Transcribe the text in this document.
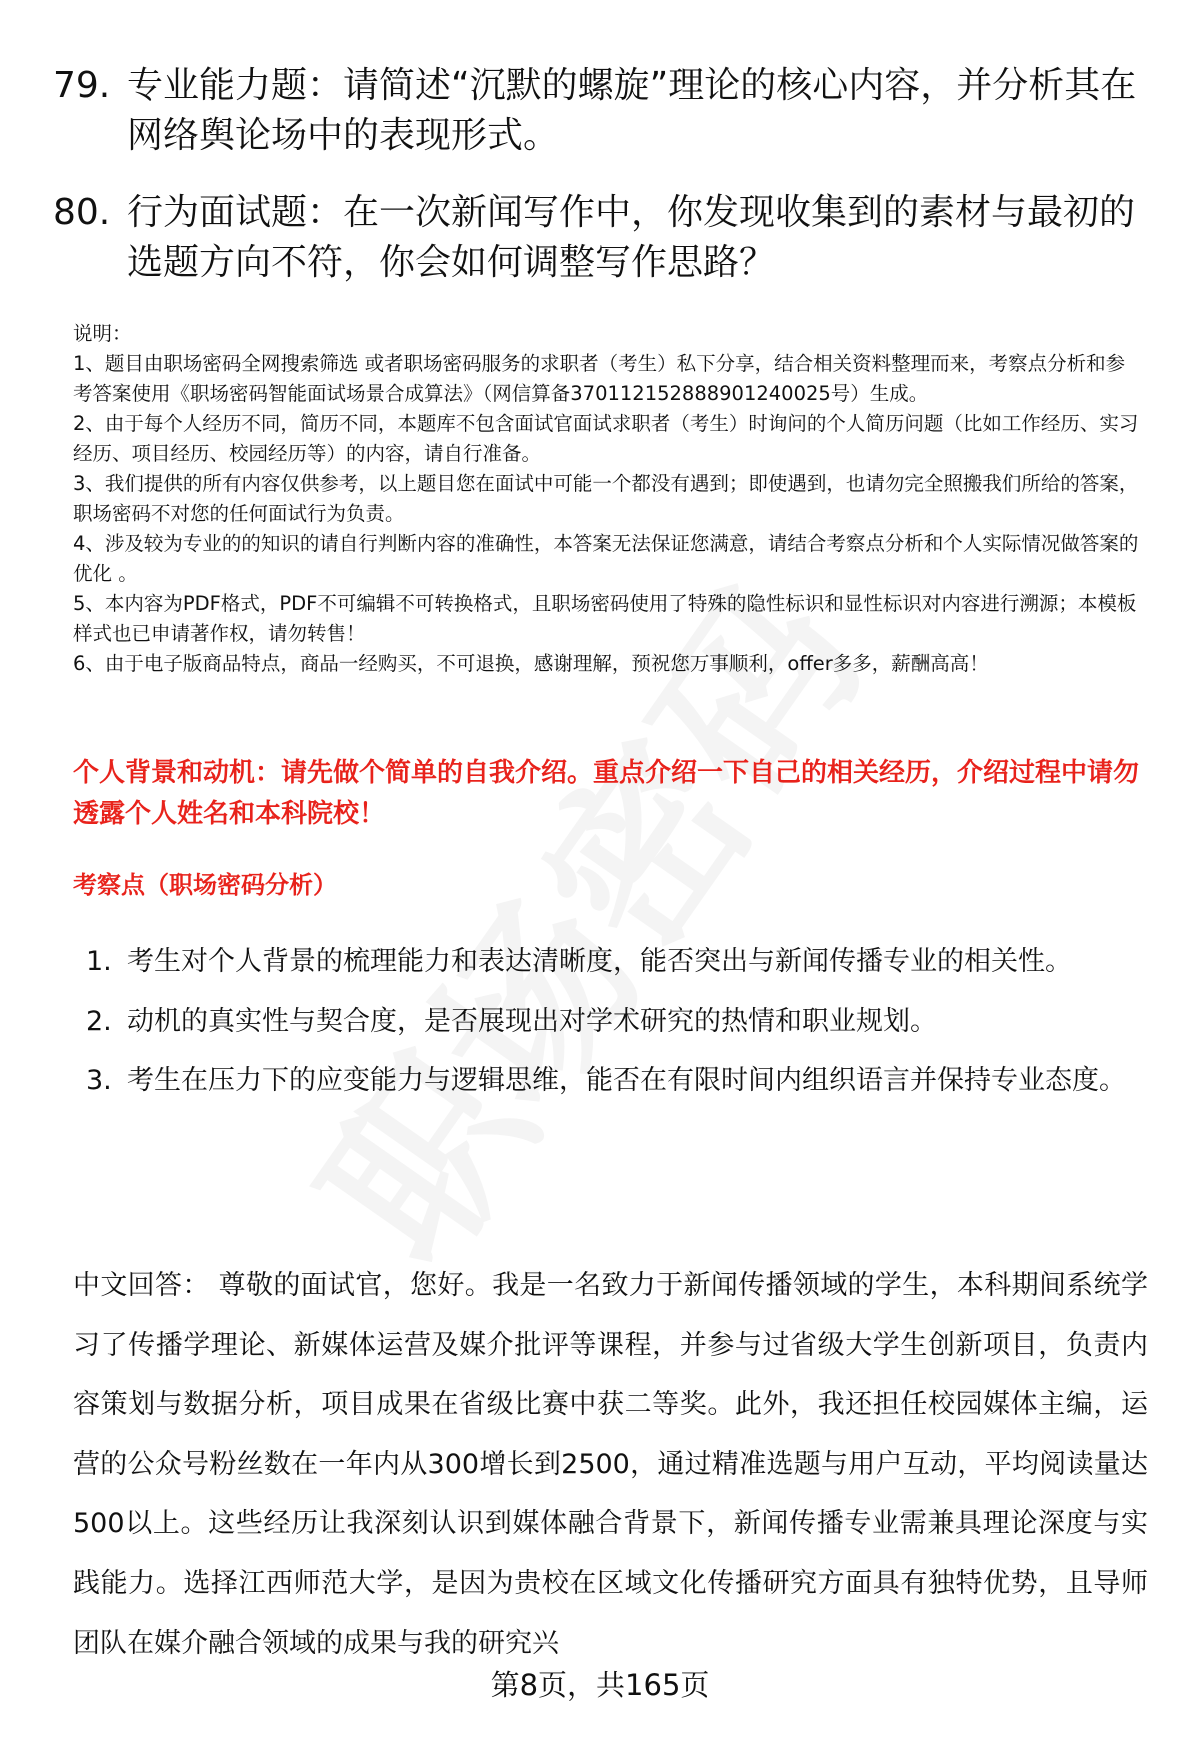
79. 专业能力题：请简述“沉默的螺旋”理论的核心内容，并分析其在网络舆论场中的表现形式。
80. 行为面试题：在一次新闻写作中，你发现收集到的素材与最初的选题方向不符，你会如何调整写作思路？
说明：
1、题目由职场密码全网搜索筛选 或者职场密码服务的求职者（考生）私下分享，结合相关资料整理而来，考察点分析和参考答案使用《职场密码智能面试场景合成算法》（网信算备370112152888901240025号）生成。
2、由于每个人经历不同，简历不同，本题库不包含面试官面试求职者（考生）时询问的个人简历问题（比如工作经历、实习经历、项目经历、校园经历等）的内容，请自行准备。
3、我们提供的所有内容仅供参考，以上题目您在面试中可能一个都没有遇到；即使遇到，也请勿完全照搬我们所给的答案，职场密码不对您的任何面试行为负责。
4、涉及较为专业的的知识的请自行判断内容的准确性，本答案无法保证您满意，请结合考察点分析和个人实际情况做答案的优化 。
5、本内容为PDF格式，PDF不可编辑不可转换格式，且职场密码使用了特殊的隐性标识和显性标识对内容进行溯源；本模板样式也已申请著作权，请勿转售！
6、由于电子版商品特点，商品一经购买，不可退换，感谢理解，预祝您万事顺利，offer多多，薪酬高高！
个人背景和动机：请先做个简单的自我介绍。重点介绍一下自己的相关经历，介绍过程中请勿透露个人姓名和本科院校！
考察点（职场密码分析）
1. 考生对个人背景的梳理能力和表达清晰度，能否突出与新闻传播专业的相关性。
2. 动机的真实性与契合度，是否展现出对学术研究的热情和职业规划。
3. 考生在压力下的应变能力与逻辑思维，能否在有限时间内组织语言并保持专业态度。
中文回答： 尊敬的面试官，您好。我是一名致力于新闻传播领域的学生，本科期间系统学习了传播学理论、新媒体运营及媒介批评等课程，并参与过省级大学生创新项目，负责内容策划与数据分析，项目成果在省级比赛中获二等奖。此外，我还担任校园媒体主编，运营的公众号粉丝数在一年内从300增长到2500，通过精准选题与用户互动，平均阅读量达500以上。这些经历让我深刻认识到媒体融合背景下，新闻传播专业需兼具理论深度与实践能力。选择江西师范大学，是因为贵校在区域文化传播研究方面具有独特优势，且导师团队在媒介融合领域的成果与我的研究兴
第8页，共165页
